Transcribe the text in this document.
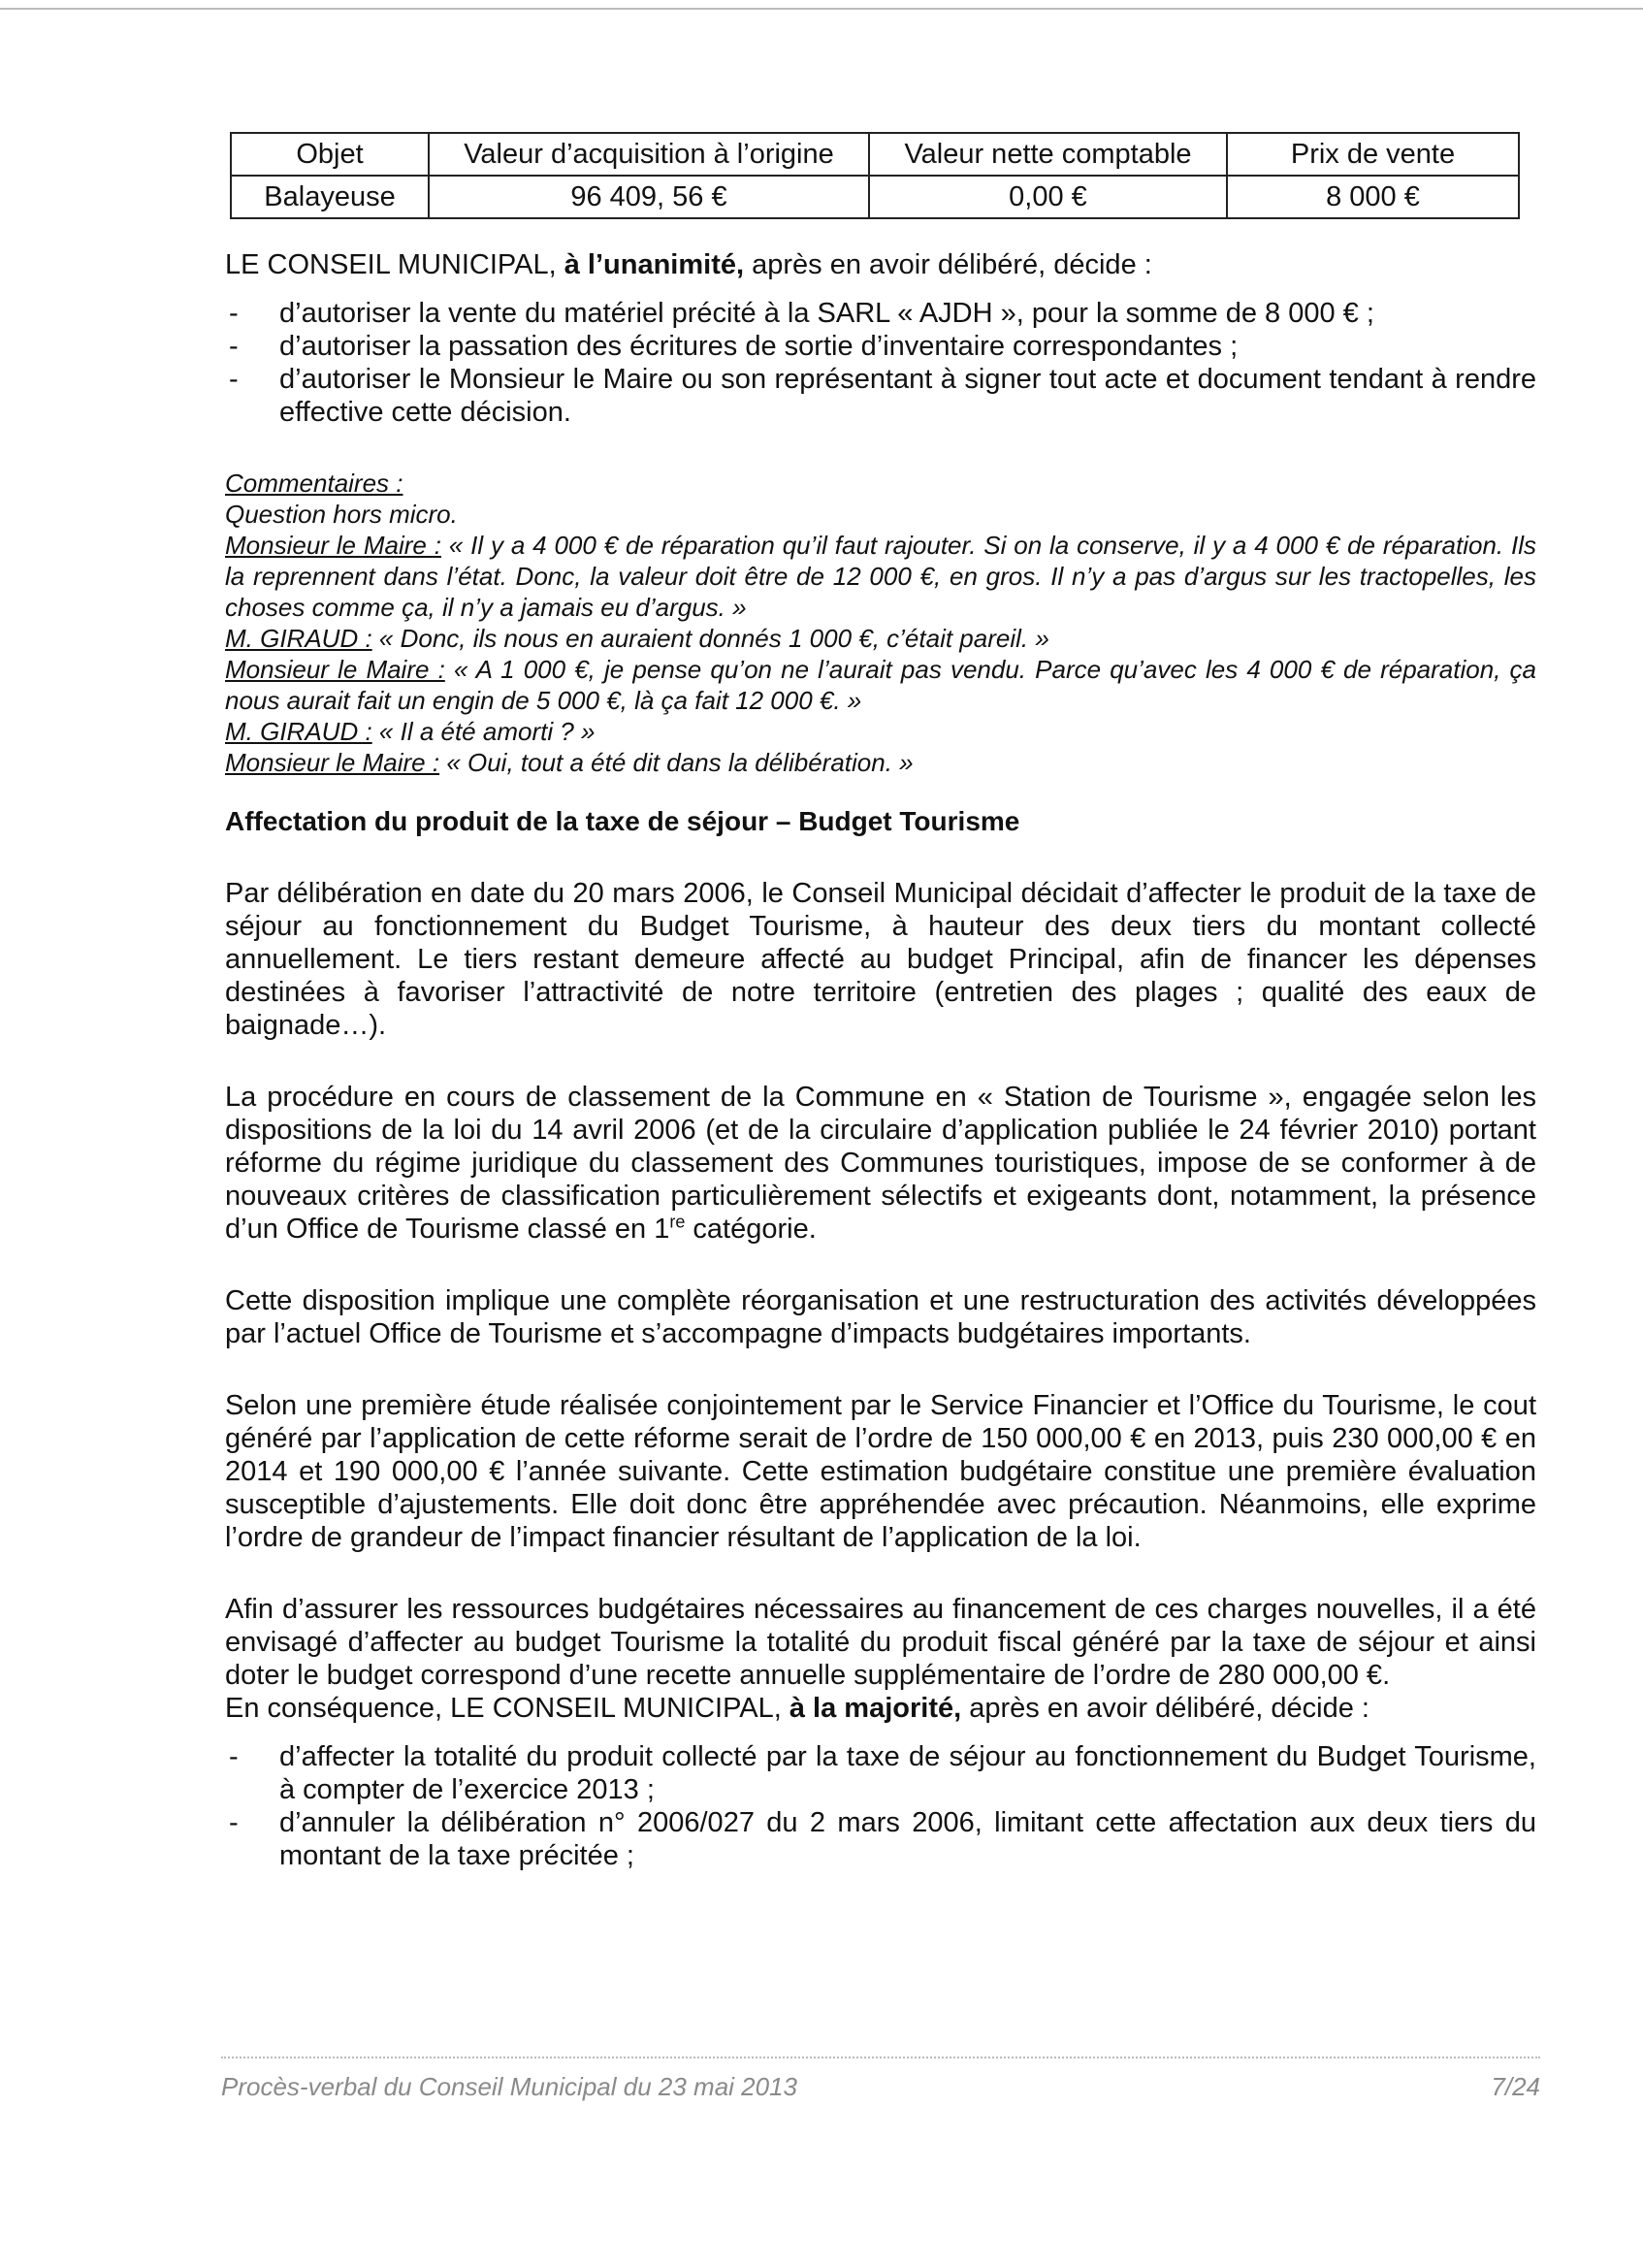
Objet	Valeur d’acquisition à l’origine	Valeur nette comptable	Prix de vente
Balayeuse	96 409, 56 €	0,00 €	8 000 €

LE CONSEIL MUNICIPAL, à l’unanimité, après en avoir délibéré, décide :

- d’autoriser la vente du matériel précité à la SARL « AJDH », pour la somme de 8 000 € ;
- d’autoriser la passation des écritures de sortie d’inventaire correspondantes ;
- d’autoriser le Monsieur le Maire ou son représentant à signer tout acte et document tendant à rendre effective cette décision.

Commentaires :

Question hors micro.

Monsieur le Maire : « Il y a 4 000 € de réparation qu’il faut rajouter. Si on la conserve, il y a 4 000 € de réparation. Ils la reprennent dans l’état. Donc, la valeur doit être de 12 000 €, en gros. Il n’y a pas d’argus sur les tractopelles, les choses comme ça, il n’y a jamais eu d’argus. »

M. GIRAUD : « Donc, ils nous en auraient donnés 1 000 €, c’était pareil. »

Monsieur le Maire : « A 1 000 €, je pense qu’on ne l’aurait pas vendu. Parce qu’avec les 4 000 € de réparation, ça nous aurait fait un engin de 5 000 €, là ça fait 12 000 €. »

M. GIRAUD : « Il a été amorti ? »

Monsieur le Maire : « Oui, tout a été dit dans la délibération. »

Affectation du produit de la taxe de séjour – Budget Tourisme

Par délibération en date du 20 mars 2006, le Conseil Municipal décidait d’affecter le produit de la taxe de séjour au fonctionnement du Budget Tourisme, à hauteur des deux tiers du montant collecté annuellement. Le tiers restant demeure affecté au budget Principal, afin de financer les dépenses destinées à favoriser l’attractivité de notre territoire (entretien des plages ; qualité des eaux de baignade…).

La procédure en cours de classement de la Commune en « Station de Tourisme », engagée selon les dispositions de la loi du 14 avril 2006 (et de la circulaire d’application publiée le 24 février 2010) portant réforme du régime juridique du classement des Communes touristiques, impose de se conformer à de nouveaux critères de classification particulièrement sélectifs et exigeants dont, notamment, la présence d’un Office de Tourisme classé en 1re catégorie.

Cette disposition implique une complète réorganisation et une restructuration des activités développées par l’actuel Office de Tourisme et s’accompagne d’impacts budgétaires importants.

Selon une première étude réalisée conjointement par le Service Financier et l’Office du Tourisme, le cout généré par l’application de cette réforme serait de l’ordre de 150 000,00 € en 2013, puis 230 000,00 € en 2014 et 190 000,00 € l’année suivante. Cette estimation budgétaire constitue une première évaluation susceptible d’ajustements. Elle doit donc être appréhendée avec précaution. Néanmoins, elle exprime l’ordre de grandeur de l’impact financier résultant de l’application de la loi.

Afin d’assurer les ressources budgétaires nécessaires au financement de ces charges nouvelles, il a été envisagé d’affecter au budget Tourisme la totalité du produit fiscal généré par la taxe de séjour et ainsi doter le budget correspond d’une recette annuelle supplémentaire de l’ordre de 280 000,00 €.

En conséquence, LE CONSEIL MUNICIPAL, à la majorité, après en avoir délibéré, décide :

- d’affecter la totalité du produit collecté par la taxe de séjour au fonctionnement du Budget Tourisme, à compter de l’exercice 2013 ;
- d’annuler la délibération n° 2006/027 du 2 mars 2006, limitant cette affectation aux deux tiers du montant de la taxe précitée ;
Procès-verbal du Conseil Municipal du 23 mai 2013	7/24
